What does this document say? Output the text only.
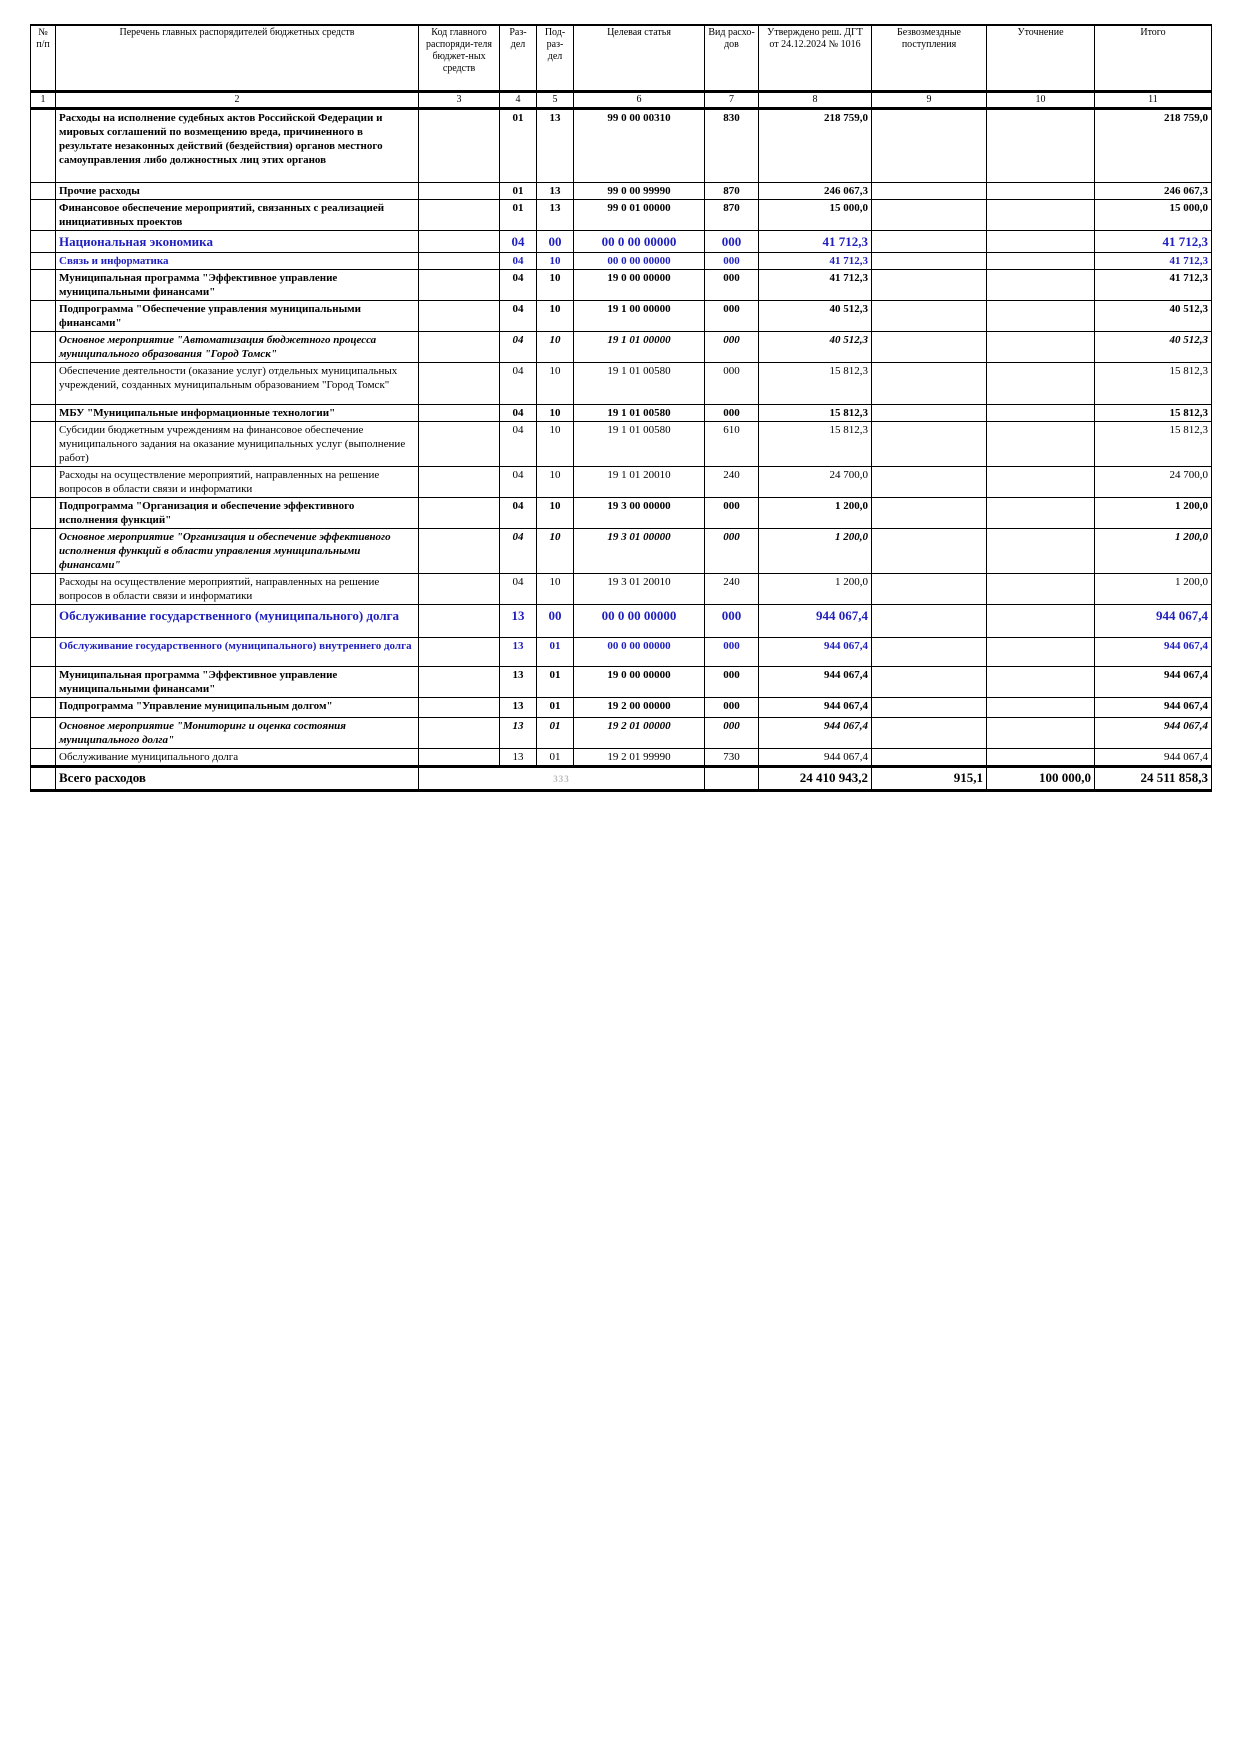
№ п/п	Перечень главных распорядителей бюджетных средств	Код главного распоряди-теля бюджет-ных средств	Раз-дел	Под-раз-дел	Целевая статья	Вид расхо-дов	Утверждено реш. ДГТ от 24.12.2024 № 1016	Безвозмездные поступления	Уточнение	Итого
1	2	3	4	5	6	7	8	9	10	11
	Расходы на исполнение судебных актов Российской Федерации и мировых соглашений по возмещению вреда, причиненного в результате незаконных действий (бездействия) органов местного самоуправления либо должностных лиц этих органов		01	13	99 0 00 00310	830	218 759,0			218 759,0
	Прочие расходы		01	13	99 0 00 99990	870	246 067,3			246 067,3
	Финансовое обеспечение мероприятий, связанных с реализацией инициативных проектов		01	13	99 0 01 00000	870	15 000,0			15 000,0
	Национальная экономика		04	00	00 0 00 00000	000	41 712,3			41 712,3
	Связь и информатика		04	10	00 0 00 00000	000	41 712,3			41 712,3
	Муниципальная программа "Эффективное управление муниципальными финансами"		04	10	19 0 00 00000	000	41 712,3			41 712,3
	Подпрограмма "Обеспечение управления муниципальными финансами"		04	10	19 1 00 00000	000	40 512,3			40 512,3
	Основное мероприятие "Автоматизация бюджетного процесса муниципального образования "Город Томск"		04	10	19 1 01 00000	000	40 512,3			40 512,3
	Обеспечение деятельности (оказание услуг) отдельных муниципальных учреждений, созданных муниципальным образованием "Город Томск"		04	10	19 1 01 00580	000	15 812,3			15 812,3
	МБУ "Муниципальные информационные технологии"		04	10	19 1 01 00580	000	15 812,3			15 812,3
	Субсидии бюджетным учреждениям на финансовое обеспечение муниципального задания на оказание муниципальных услуг (выполнение работ)		04	10	19 1 01 00580	610	15 812,3			15 812,3
	Расходы на осуществление мероприятий, направленных на решение вопросов в области связи и информатики		04	10	19 1 01 20010	240	24 700,0			24 700,0
	Подпрограмма "Организация и обеспечение эффективного исполнения функций"		04	10	19 3 00 00000	000	1 200,0			1 200,0
	Основное мероприятие "Организация и обеспечение эффективного исполнения функций в области управления муниципальными финансами"		04	10	19 3 01 00000	000	1 200,0			1 200,0
	Расходы на осуществление мероприятий, направленных на решение вопросов в области связи и информатики		04	10	19 3 01 20010	240	1 200,0			1 200,0
	Обслуживание государственного (муниципального) долга		13	00	00 0 00 00000	000	944 067,4			944 067,4
	Обслуживание государственного (муниципального) внутреннего долга		13	01	00 0 00 00000	000	944 067,4			944 067,4
	Муниципальная программа "Эффективное управление муниципальными финансами"		13	01	19 0 00 00000	000	944 067,4			944 067,4
	Подпрограмма "Управление муниципальным долгом"		13	01	19 2 00 00000	000	944 067,4			944 067,4
	Основное мероприятие "Мониторинг и оценка состояния муниципального долга"		13	01	19 2 01 00000	000	944 067,4			944 067,4
	Обслуживание муниципального долга		13	01	19 2 01 99990	730	944 067,4			944 067,4
	Всего расходов	333					24 410 943,2	915,1	100 000,0	24 511 858,3
